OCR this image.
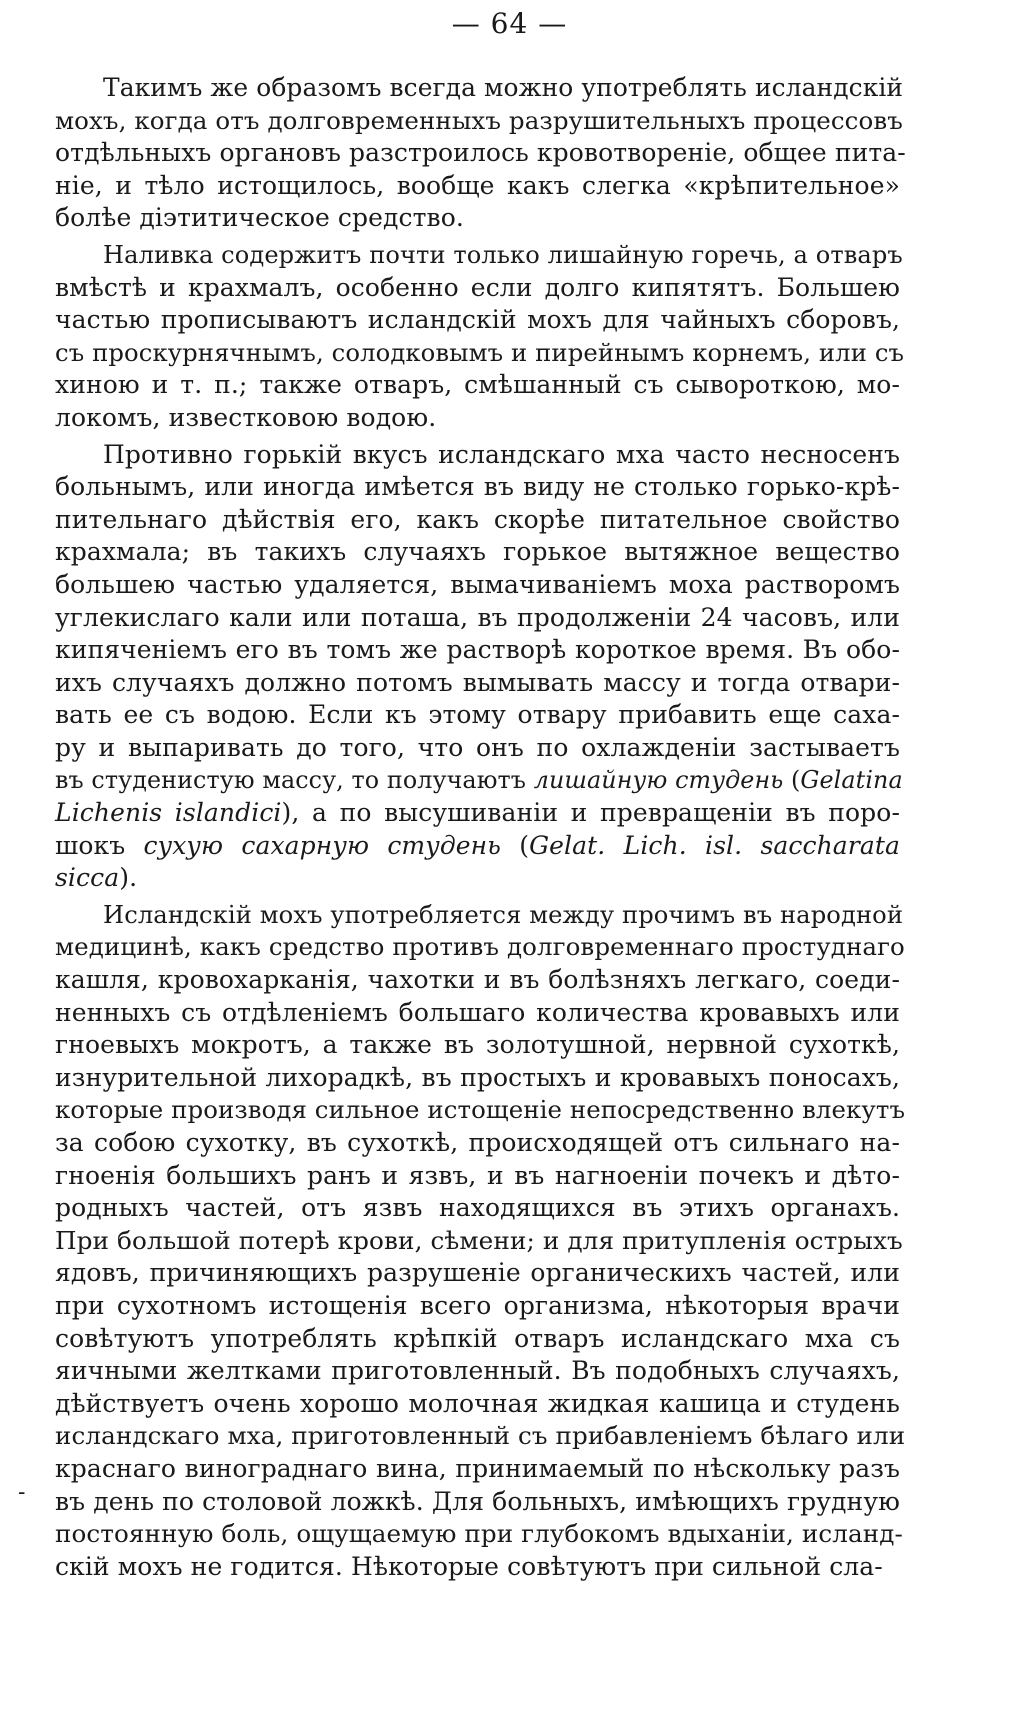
— 64 —
Такимъ же образомъ всегда можно употреблять исландскій
мохъ, когда отъ долговременныхъ разрушительныхъ процессовъ
отдѣльныхъ органовъ разстроилось кровотвореніе, общее пита-
ніе, и тѣло истощилось, вообще какъ слегка «крѣпительное»
болѣе діэтитическое средство.
Наливка содержитъ почти только лишайную горечь, а отваръ
вмѣстѣ и крахмалъ, особенно если долго кипятятъ. Большею
частью прописываютъ исландскій мохъ для чайныхъ сборовъ,
съ проскурнячнымъ, солодковымъ и пирейнымъ корнемъ, или съ
хиною и т. п.; также отваръ, смѣшанный съ сывороткою, мо-
локомъ, известковою водою.
Противно горькій вкусъ исландскаго мха часто несносенъ
больнымъ, или иногда имѣется въ виду не столько горько-крѣ-
пительнаго дѣйствія его, какъ скорѣе питательное свойство
крахмала; въ такихъ случаяхъ горькое вытяжное вещество
большею частью удаляется, вымачиваніемъ моха растворомъ
углекислаго кали или поташа, въ продолженіи 24 часовъ, или
кипяченіемъ его въ томъ же растворѣ короткое время. Въ обо-
ихъ случаяхъ должно потомъ вымывать массу и тогда отвари-
вать ее съ водою. Если къ этому отвару прибавить еще саха-
ру и выпаривать до того, что онъ по охлажденіи застываетъ
въ студенистую массу, то получаютъ лишайную студень (Gelatina
Lichenis islandici), а по высушиваніи и превращеніи въ поро-
шокъ сухую сахарную студень (Gelat. Lich. isl. saccharata
sicca).
Исландскій мохъ употребляется между прочимъ въ народной
медицинѣ, какъ средство противъ долговременнаго простуднаго
кашля, кровохарканія, чахотки и въ болѣзняхъ легкаго, соеди-
ненныхъ съ отдѣленіемъ большаго количества кровавыхъ или
гноевыхъ мокротъ, а также въ золотушной, нервной сухоткѣ,
изнурительной лихорадкѣ, въ простыхъ и кровавыхъ поносахъ,
которые производя сильное истощеніе непосредственно влекутъ
за собою сухотку, въ сухоткѣ, происходящей отъ сильнаго на-
гноенія большихъ ранъ и язвъ, и въ нагноеніи почекъ и дѣто-
родныхъ частей, отъ язвъ находящихся въ этихъ органахъ.
При большой потерѣ крови, сѣмени; и для притупленія острыхъ
ядовъ, причиняющихъ разрушеніе органическихъ частей, или
при сухотномъ истощенія всего организма, нѣкоторыя врачи
совѣтуютъ употреблять крѣпкій отваръ исландскаго мха съ
яичными желтками приготовленный. Въ подобныхъ случаяхъ,
дѣйствуетъ очень хорошо молочная жидкая кашица и студень
исландскаго мха, приготовленный съ прибавленіемъ бѣлаго или
краснаго винограднаго вина, принимаемый по нѣскольку разъ
въ день по столовой ложкѣ. Для больныхъ, имѣющихъ грудную
постоянную боль, ощущаемую при глубокомъ вдыханіи, исланд-
скій мохъ не годится. Нѣкоторые совѣтуютъ при сильной сла-
-
